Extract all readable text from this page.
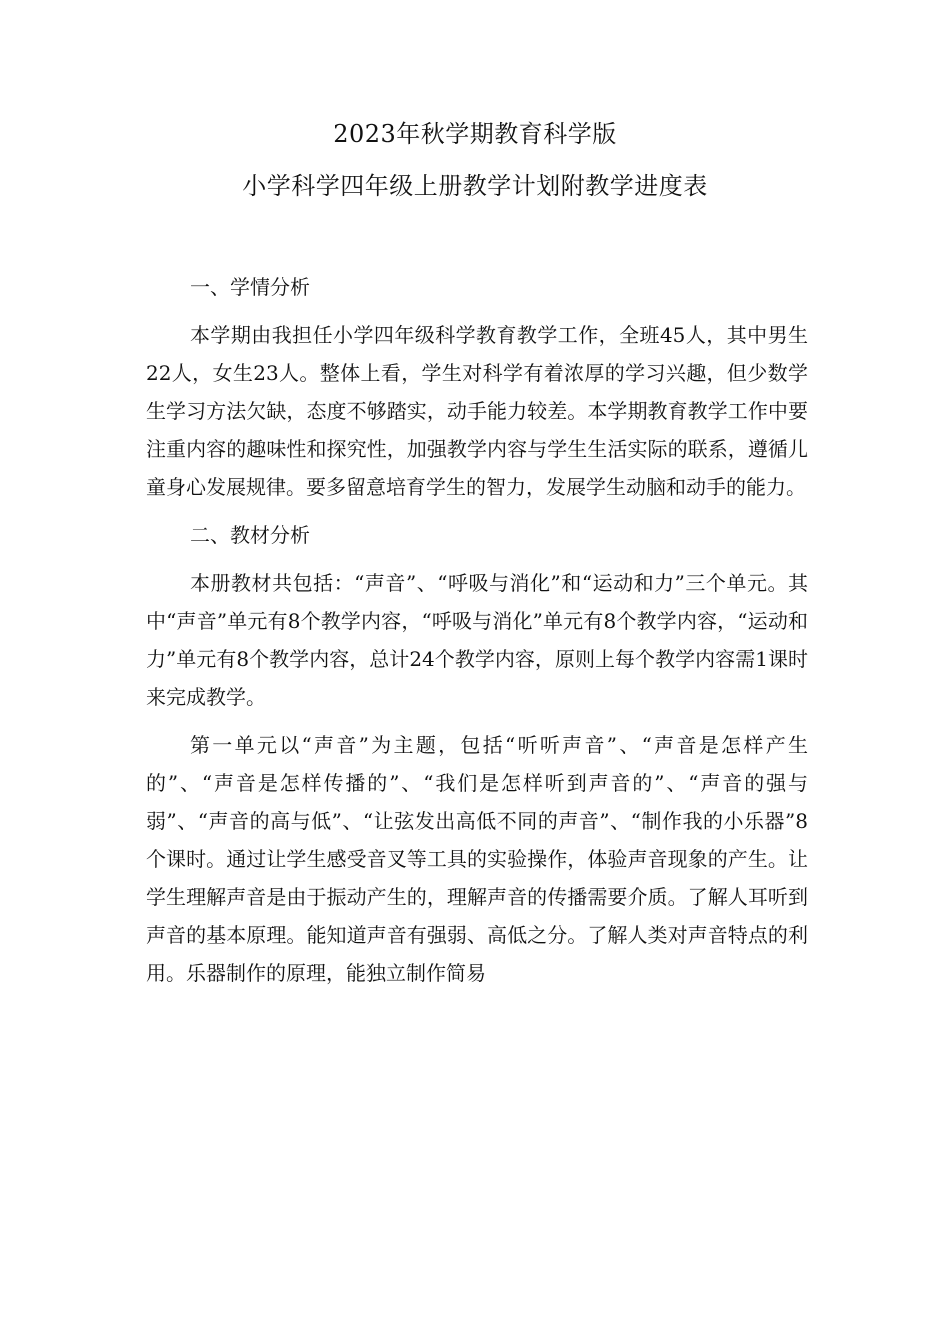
2023年秋学期教育科学版
小学科学四年级上册教学计划附教学进度表

一、学情分析

本学期由我担任小学四年级科学教育教学工作，全班45人，其中男生22人，女生23人。整体上看，学生对科学有着浓厚的学习兴趣，但少数学生学习方法欠缺，态度不够踏实，动手能力较差。本学期教育教学工作中要注重内容的趣味性和探究性，加强教学内容与学生生活实际的联系，遵循儿童身心发展规律。要多留意培育学生的智力，发展学生动脑和动手的能力。

二、教材分析

本册教材共包括：“声音”、“呼吸与消化”和“运动和力”三个单元。其中“声音”单元有8个教学内容，“呼吸与消化”单元有8个教学内容，“运动和力”单元有8个教学内容，总计24个教学内容，原则上每个教学内容需1课时来完成教学。

第一单元以“声音”为主题，包括“听听声音”、“声音是怎样产生的”、“声音是怎样传播的”、“我们是怎样听到声音的”、“声音的强与弱”、“声音的高与低”、“让弦发出高低不同的声音”、“制作我的小乐器”8个课时。通过让学生感受音叉等工具的实验操作，体验声音现象的产生。让学生理解声音是由于振动产生的，理解声音的传播需要介质。了解人耳听到声音的基本原理。能知道声音有强弱、高低之分。了解人类对声音特点的利用。乐器制作的原理，能独立制作简易
